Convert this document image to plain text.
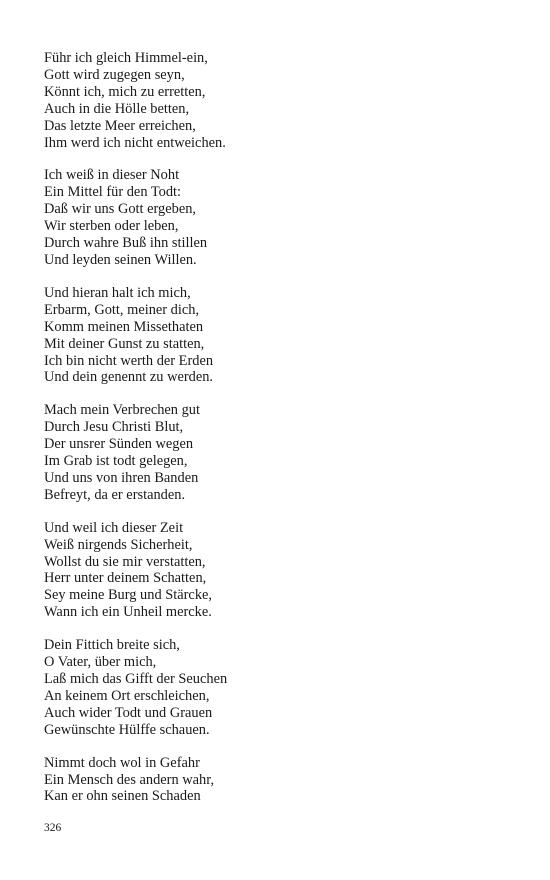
Führ ich gleich Himmel-ein,
Gott wird zugegen seyn,
Könnt ich, mich zu erretten,
Auch in die Hölle betten,
Das letzte Meer erreichen,
Ihm werd ich nicht entweichen.
Ich weiß in dieser Noht
Ein Mittel für den Todt:
Daß wir uns Gott ergeben,
Wir sterben oder leben,
Durch wahre Buß ihn stillen
Und leyden seinen Willen.
Und hieran halt ich mich,
Erbarm, Gott, meiner dich,
Komm meinen Missethaten
Mit deiner Gunst zu statten,
Ich bin nicht werth der Erden
Und dein genennt zu werden.
Mach mein Verbrechen gut
Durch Jesu Christi Blut,
Der unsrer Sünden wegen
Im Grab ist todt gelegen,
Und uns von ihren Banden
Befreyt, da er erstanden.
Und weil ich dieser Zeit
Weiß nirgends Sicherheit,
Wollst du sie mir verstatten,
Herr unter deinem Schatten,
Sey meine Burg und Stärcke,
Wann ich ein Unheil mercke.
Dein Fittich breite sich,
O Vater, über mich,
Laß mich das Gifft der Seuchen
An keinem Ort erschleichen,
Auch wider Todt und Grauen
Gewünschte Hülffe schauen.
Nimmt doch wol in Gefahr
Ein Mensch des andern wahr,
Kan er ohn seinen Schaden
326
